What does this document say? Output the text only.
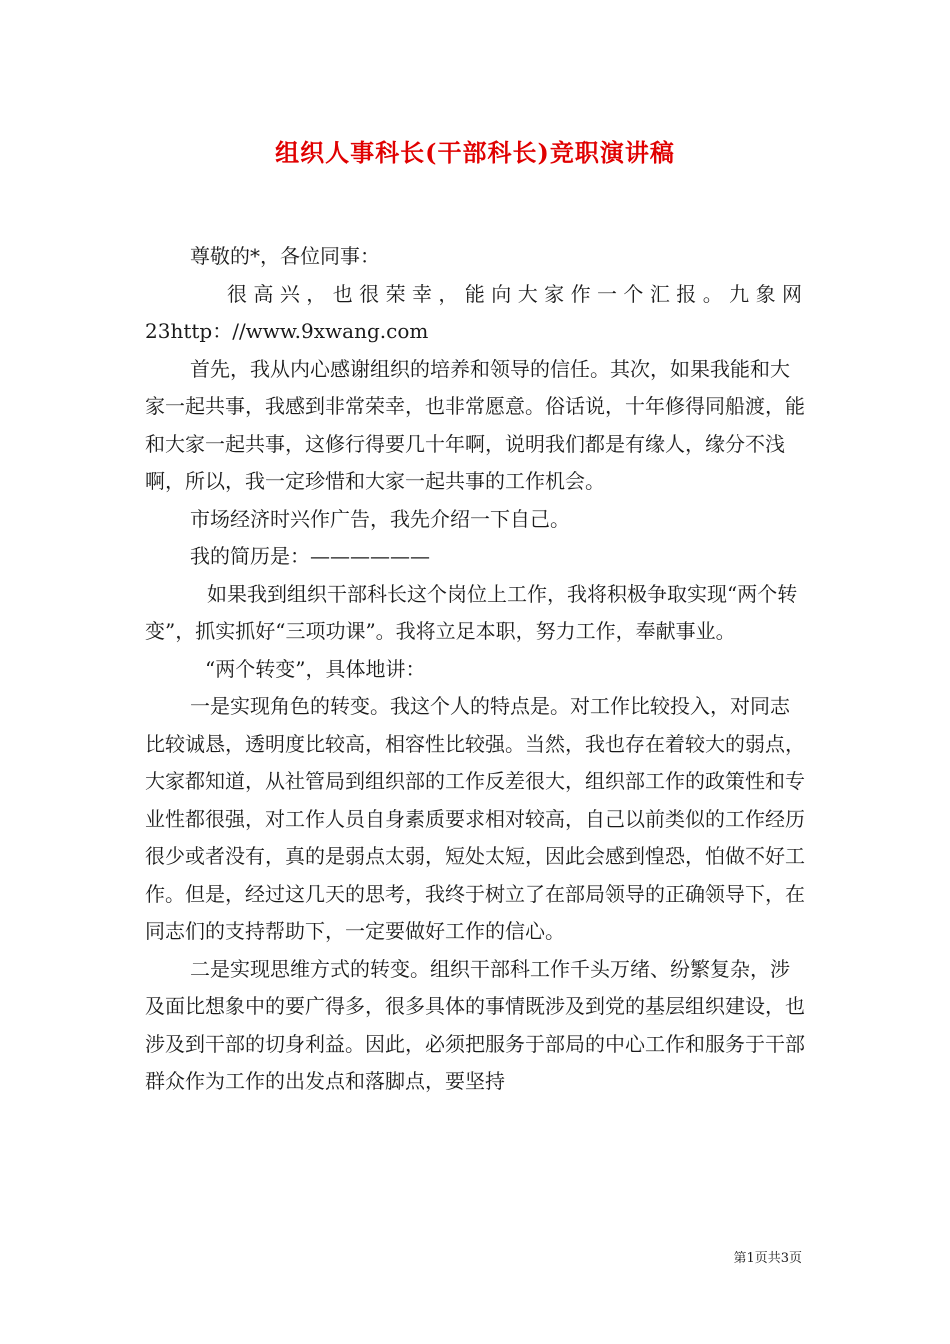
组织人事科长(干部科长)竞职演讲稿

尊敬的*，各位同事：

很高兴，也很荣幸，能向大家作一个汇报。九象网

23http：//www.9xwang.com

首先，我从内心感谢组织的培养和领导的信任。其次，如果我能和大家一起共事，我感到非常荣幸，也非常愿意。俗话说，十年修得同船渡，能和大家一起共事，这修行得要几十年啊，说明我们都是有缘人，缘分不浅啊，所以，我一定珍惜和大家一起共事的工作机会。

市场经济时兴作广告，我先介绍一下自己。

我的简历是：——————

如果我到组织干部科长这个岗位上工作，我将积极争取实现“两个转变”，抓实抓好“三项功课”。我将立足本职，努力工作，奉献事业。

“两个转变”，具体地讲：

一是实现角色的转变。我这个人的特点是。对工作比较投入，对同志比较诚恳，透明度比较高，相容性比较强。当然，我也存在着较大的弱点，大家都知道，从社管局到组织部的工作反差很大，组织部工作的政策性和专业性都很强，对工作人员自身素质要求相对较高，自己以前类似的工作经历很少或者没有，真的是弱点太弱，短处太短，因此会感到惶恐，怕做不好工作。但是，经过这几天的思考，我终于树立了在部局领导的正确领导下，在同志们的支持帮助下，一定要做好工作的信心。

二是实现思维方式的转变。组织干部科工作千头万绪、纷繁复杂，涉及面比想象中的要广得多，很多具体的事情既涉及到党的基层组织建设，也涉及到干部的切身利益。因此，必须把服务于部局的中心工作和服务于干部群众作为工作的出发点和落脚点，要坚持

第1页共3页
